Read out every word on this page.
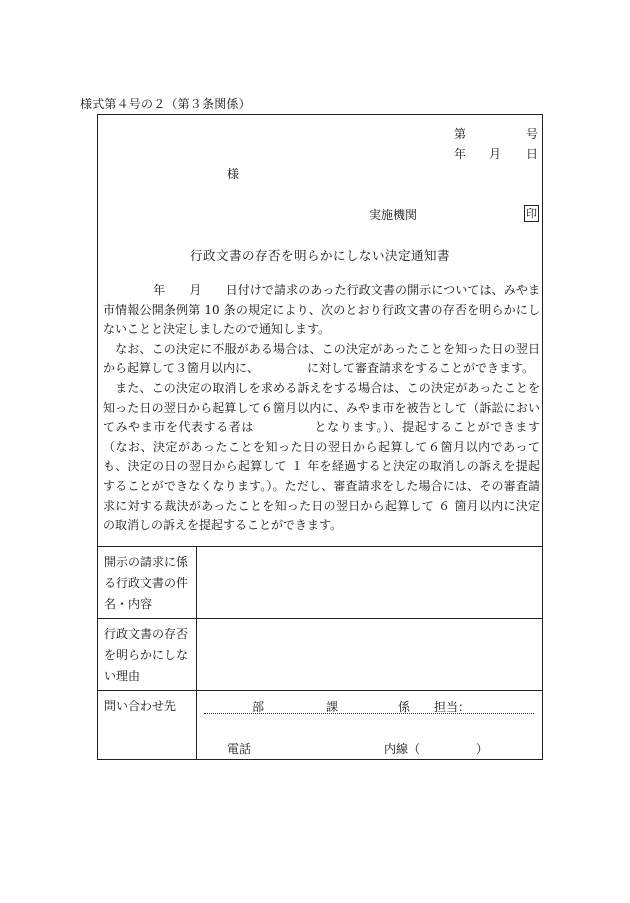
様式第４号の２（第３条関係）
第	号
年 月 日
様
実施機関	印
行政文書の存否を明らかにしない決定通知書

年 月 日付けで請求のあった行政文書の開示については、みやま市情報公開条例第 10 条の規定により、次のとおり行政文書の存否を明らかにしないことと決定しましたので通知します。

なお、この決定に不服がある場合は、この決定があったことを知った日の翌日から起算して３箇月以内に、	に対して審査請求をすることができます。

また、この決定の取消しを求める訴えをする場合は、この決定があったことを知った日の翌日から起算して６箇月以内に、みやま市を被告として（訴訟においてみやま市を代表する者は	となります。）、提起することができます（なお、決定があったことを知った日の翌日から起算して６箇月以内であっても、決定の日の翌日から起算して １ 年を経過すると決定の取消しの訴えを提起することができなくなります。）。ただし、審査請求をした場合には、その審査請求に対する裁決があったことを知った日の翌日から起算して ６ 箇月以内に決定の取消しの訴えを提起することができます。

開示の請求に係る行政文書の件名・内容
行政文書の存否を明らかにしない理由
問い合わせ先	部	課	係 担当：
電話	内線（	）
